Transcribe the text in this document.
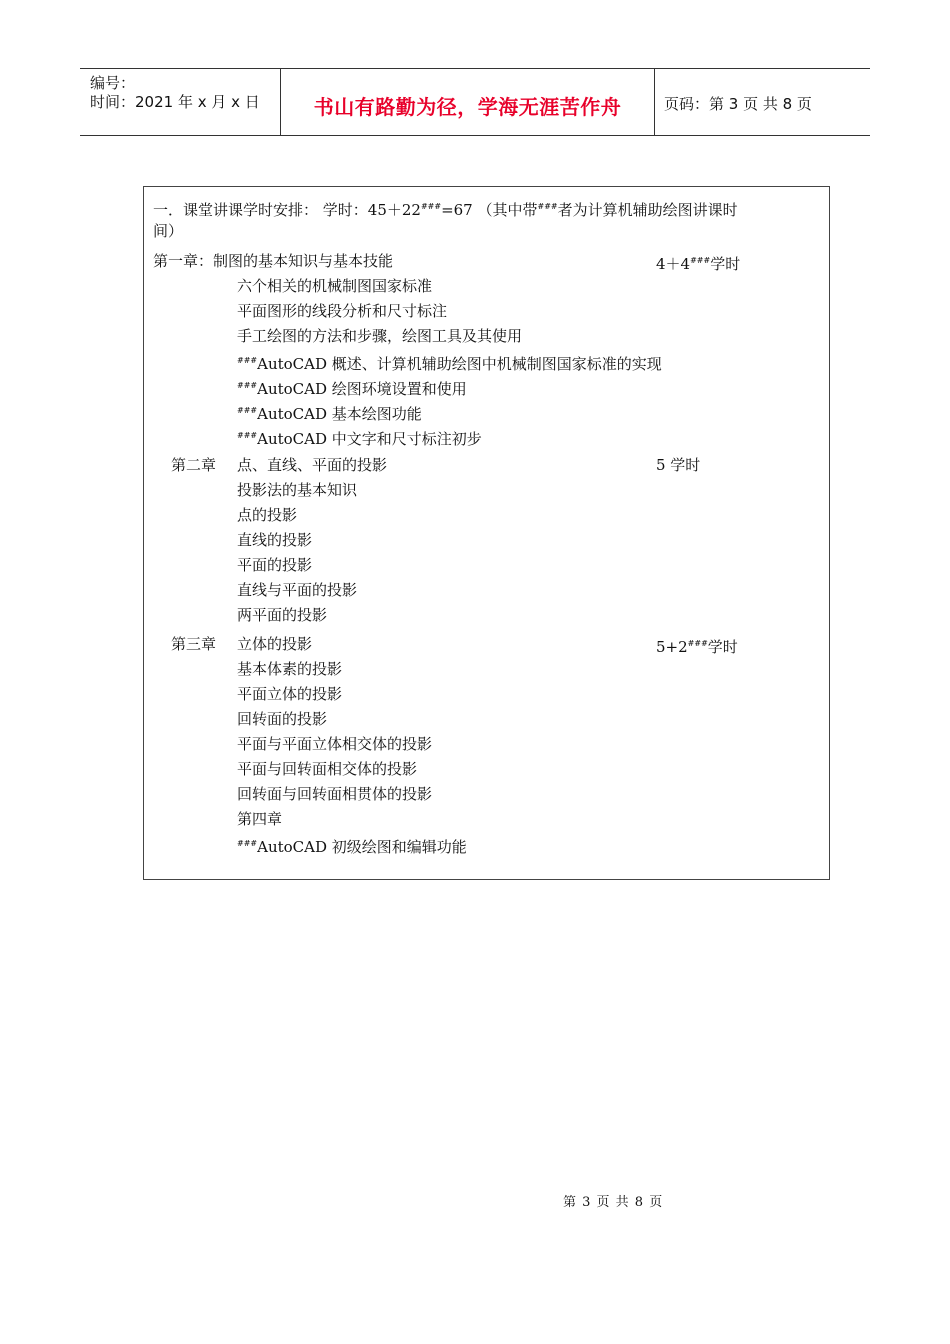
编号：
时间：2021 年 x 月 x 日	书山有路勤为径，学海无涯苦作舟	页码：第 3 页 共 8 页
一．课堂讲课学时安排： 学时：45＋22###=67 （其中带###者为计算机辅助绘图讲课时
间）
第一章：制图的基本知识与基本技能	4＋4###学时
六个相关的机械制图国家标准
平面图形的线段分析和尺寸标注
手工绘图的方法和步骤，绘图工具及其使用
###AutoCAD 概述、计算机辅助绘图中机械制图国家标准的实现
###AutoCAD 绘图环境设置和使用
###AutoCAD 基本绘图功能
###AutoCAD 中文字和尺寸标注初步
第二章 点、直线、平面的投影	5 学时
投影法的基本知识
点的投影
直线的投影
平面的投影
直线与平面的投影
两平面的投影
第三章 立体的投影	5+2###学时
基本体素的投影
平面立体的投影
回转面的投影
平面与平面立体相交体的投影
平面与回转面相交体的投影
回转面与回转面相贯体的投影
第四章
###AutoCAD 初级绘图和编辑功能
第 3 页 共 8 页
